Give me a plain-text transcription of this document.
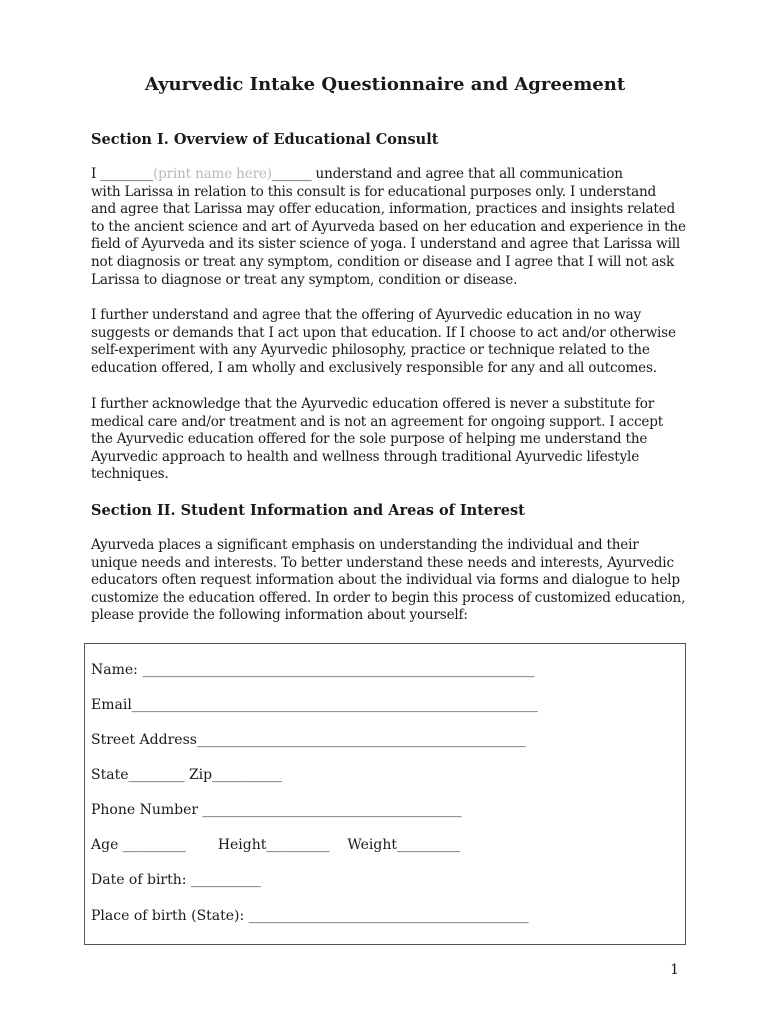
Ayurvedic Intake Questionnaire and Agreement
Section I. Overview of Educational Consult
I ________(print name here)______ understand and agree that all communication
with Larissa in relation to this consult is for educational purposes only. I understand
and agree that Larissa may offer education, information, practices and insights related
to the ancient science and art of Ayurveda based on her education and experience in the
field of Ayurveda and its sister science of yoga. I understand and agree that Larissa will
not diagnosis or treat any symptom, condition or disease and I agree that I will not ask
Larissa to diagnose or treat any symptom, condition or disease.
I further understand and agree that the offering of Ayurvedic education in no way
suggests or demands that I act upon that education. If I choose to act and/or otherwise
self-experiment with any Ayurvedic philosophy, practice or technique related to the
education offered, I am wholly and exclusively responsible for any and all outcomes.
I further acknowledge that the Ayurvedic education offered is never a substitute for
medical care and/or treatment and is not an agreement for ongoing support. I accept
the Ayurvedic education offered for the sole purpose of helping me understand the
Ayurvedic approach to health and wellness through traditional Ayurvedic lifestyle
techniques.
Section II. Student Information and Areas of Interest
Ayurveda places a significant emphasis on understanding the individual and their
unique needs and interests. To better understand these needs and interests, Ayurvedic
educators often request information about the individual via forms and dialogue to help
customize the education offered. In order to begin this process of customized education,
please provide the following information about yourself:
Name: ________________________________________________________
Email__________________________________________________________
Street Address_______________________________________________
State________ Zip__________
Phone Number _____________________________________
Age _________ Height_________ Weight_________
Date of birth: __________
Place of birth (State): ________________________________________
1
